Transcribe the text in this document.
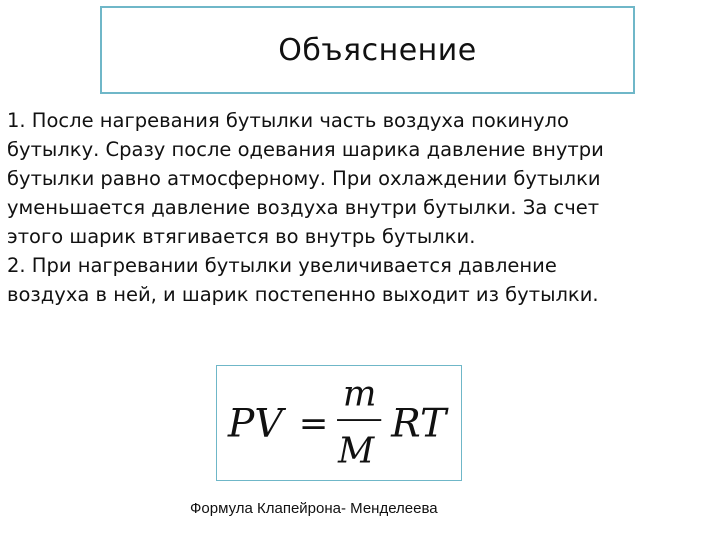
Объяснение

1. После нагревания бутылки часть воздуха покинуло
бутылку. Сразу после одевания шарика давление внутри
бутылки равно атмосферному. При охлаждении бутылки
уменьшается давление воздуха внутри бутылки. За счет
этого шарик втягивается во внутрь бутылки.

2. При нагревании бутылки увеличивается давление
воздуха в ней, и шарик постепенно выходит из бутылки.

PV =
m
M
RT
Формула Клапейрона- Менделеева
